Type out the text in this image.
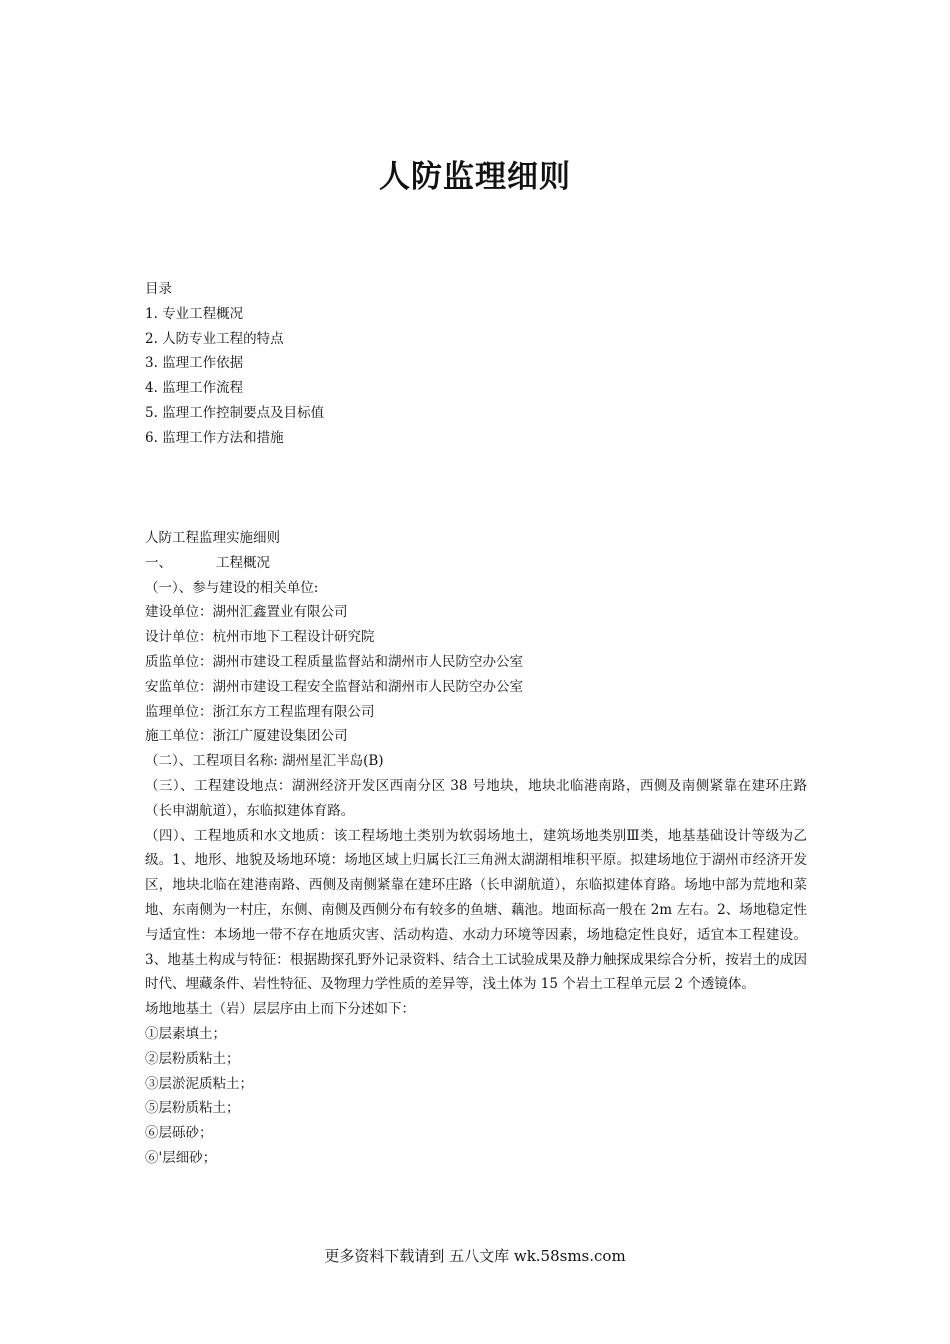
人防监理细则
目录
1. 专业工程概况
2. 人防专业工程的特点
3. 监理工作依据
4. 监理工作流程
5. 监理工作控制要点及目标值
6. 监理工作方法和措施
人防工程监理实施细则
一、	工程概况
（一）、参与建设的相关单位:
建设单位：湖州汇鑫置业有限公司
设计单位：杭州市地下工程设计研究院
质监单位：湖州市建设工程质量监督站和湖州市人民防空办公室
安监单位：湖州市建设工程安全监督站和湖州市人民防空办公室
监理单位：浙江东方工程监理有限公司
施工单位：浙江广厦建设集团公司
（二）、工程项目名称: 湖州星汇半岛(B)
（三）、工程建设地点：湖洲经济开发区西南分区 38 号地块，地块北临港南路，西侧及南侧紧靠在建环庄路（长申湖航道），东临拟建体育路。
（四）、工程地质和水文地质：该工程场地土类别为软弱场地土，建筑场地类别Ⅲ类，地基基础设计等级为乙级。1、地形、地貌及场地环境：场地区域上归属长江三角洲太湖湖相堆积平原。拟建场地位于湖州市经济开发区，地块北临在建港南路、西侧及南侧紧靠在建环庄路（长申湖航道），东临拟建体育路。场地中部为荒地和菜地、东南侧为一村庄，东侧、南侧及西侧分布有较多的鱼塘、藕池。地面标高一般在 2m 左右。2、场地稳定性与适宜性：本场地一带不存在地质灾害、活动构造、水动力环境等因素，场地稳定性良好，适宜本工程建设。3、地基土构成与特征：根据勘探孔野外记录资料、结合土工试验成果及静力触探成果综合分析，按岩土的成因时代、埋藏条件、岩性特征、及物理力学性质的差异等，浅土体为 15 个岩土工程单元层 2 个透镜体。
场地地基土（岩）层层序由上而下分述如下：
①层素填土；
②层粉质粘土；
③层淤泥质粘土；
⑤层粉质粘土；
⑥层砾砂；
⑥'层细砂；
更多资料下载请到 五八文库 wk.58sms.com
